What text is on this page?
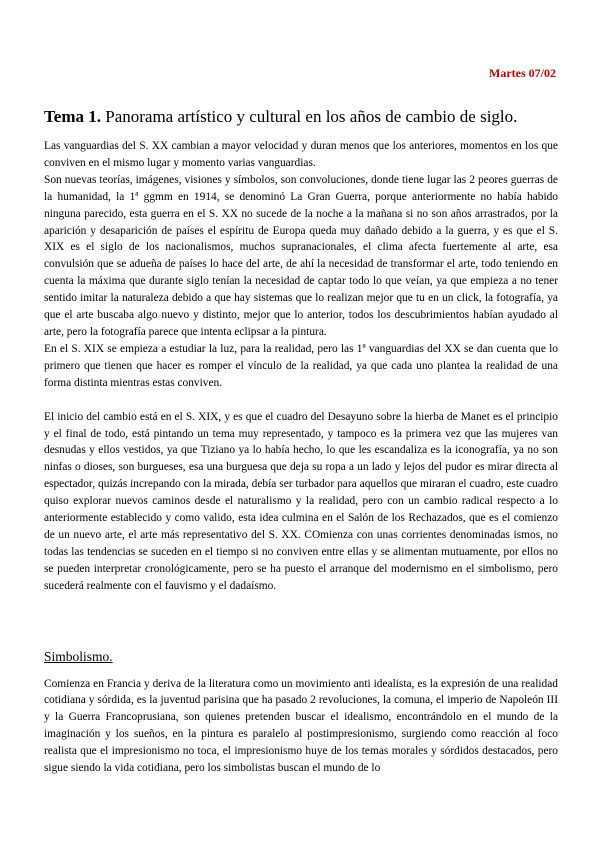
Martes 07/02
Tema 1. Panorama artístico y cultural en los años de cambio de siglo.

Las vanguardias del S. XX cambian a mayor velocidad y duran menos que los anteriores, momentos en los que conviven en el mismo lugar y momento varias vanguardias.

Son nuevas teorías, imágenes, visiones y símbolos, son convoluciones, donde tiene lugar las 2 peores guerras de la humanidad, la 1ª ggmm en 1914, se denominó La Gran Guerra, porque anteriormente no había habido ninguna parecido, esta guerra en el S. XX no sucede de la noche a la mañana si no son años arrastrados, por la aparición y desaparición de países el espíritu de Europa queda muy dañado debido a la guerra, y es que el S. XIX es el siglo de los nacionalismos, muchos supranacionales, el clima afecta fuertemente al arte, esa convulsión que se adueña de países lo hace del arte, de ahí la necesidad de transformar el arte, todo teniendo en cuenta la máxima que durante siglo tenían la necesidad de captar todo lo que veían, ya que empieza a no tener sentido imitar la naturaleza debido a que hay sistemas que lo realizan mejor que tu en un click, la fotografía, ya que el arte buscaba algo nuevo y distinto, mejor que lo anterior, todos los descubrimientos habían ayudado al arte, pero la fotografía parece que intenta eclipsar a la pintura.

En el S. XIX se empieza a estudiar la luz, para la realidad, pero las 1ª vanguardias del XX se dan cuenta que lo primero que tienen que hacer es romper el vínculo de la realidad, ya que cada uno plantea la realidad de una forma distinta mientras estas conviven.

El inicio del cambio está en el S. XIX, y es que el cuadro del Desayuno sobre la hierba de Manet es el principio y el final de todo, está pintando un tema muy representado, y tampoco es la primera vez que las mujeres van desnudas y ellos vestidos, ya que Tiziano ya lo había hecho, lo que les escandaliza es la iconografía, ya no son ninfas o dioses, son burgueses, esa una burguesa que deja su ropa a un lado y lejos del pudor es mirar directa al espectador, quizás increpando con la mirada, debía ser turbador para aquellos que miraran el cuadro, este cuadro quiso explorar nuevos caminos desde el naturalismo y la realidad, pero con un cambio radical respecto a lo anteriormente establecido y como valido, esta idea culmina en el Salón de los Rechazados, que es el comienzo de un nuevo arte, el arte más representativo del S. XX. COmienza con unas corrientes denominadas ismos, no todas las tendencias se suceden en el tiempo si no conviven entre ellas y se alimentan mutuamente, por ellos no se pueden interpretar cronológicamente, pero se ha puesto el arranque del modernismo en el simbolismo, pero sucederá realmente con el fauvismo y el dadaísmo.

Simbolismo.

Comienza en Francia y deriva de la literatura como un movimiento anti idealista, es la expresión de una realidad cotidiana y sórdida, es la juventud parisina que ha pasado 2 revoluciones, la comuna, el imperio de Napoleón III y la Guerra Francoprusiana, son quienes pretenden buscar el idealismo, encontrándolo en el mundo de la imaginación y los sueños, en la pintura es paralelo al postimpresionismo, surgiendo como reacción al foco realista que el impresionismo no toca, el impresionismo huye de los temas morales y sórdidos destacados, pero sigue siendo la vida cotidiana, pero los simbolistas buscan el mundo de lo
